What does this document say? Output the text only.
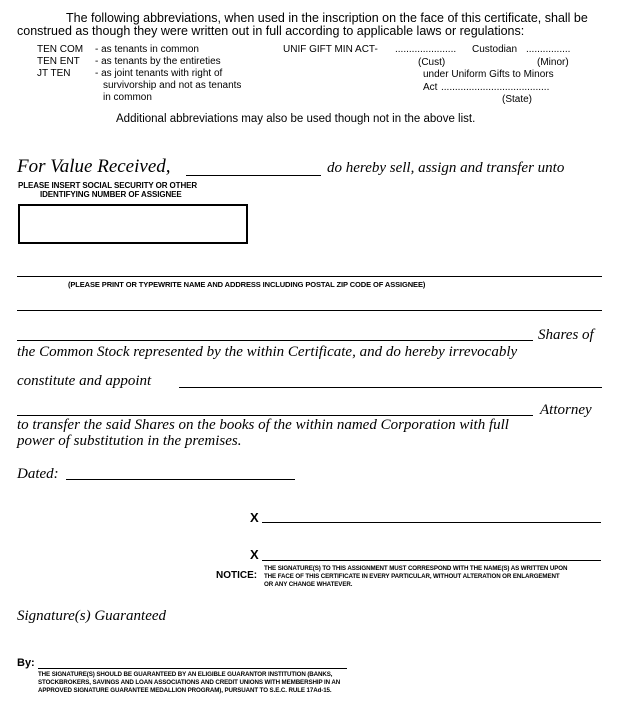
The following abbreviations, when used in the inscription on the face of this certificate, shall be
construed as though they were written out in full according to applicable laws or regulations:
TEN COM - as tenants in common
TEN ENT - as tenants by the entireties
JT TEN - as joint tenants with right of
survivorship and not as tenants
in common
UNIF GIFT MIN ACT- ...................... Custodian ................
(Cust)	(Minor)
under Uniform Gifts to Minors
Act .......................................
(State)
Additional abbreviations may also be used though not in the above list.
For Value Received,	do hereby sell, assign and transfer unto
PLEASE INSERT SOCIAL SECURITY OR OTHER
IDENTIFYING NUMBER OF ASSIGNEE
(PLEASE PRINT OR TYPEWRITE NAME AND ADDRESS INCLUDING POSTAL ZIP CODE OF ASSIGNEE)
Shares of
the Common Stock represented by the within Certificate, and do hereby irrevocably
constitute and appoint
Attorney
to transfer the said Shares on the books of the within named Corporation with full
power of substitution in the premises.
Dated:
X
X
NOTICE:
THE SIGNATURE(S) TO THIS ASSIGNMENT MUST CORRESPOND WITH THE NAME(S) AS WRITTEN UPON
THE FACE OF THIS CERTIFICATE IN EVERY PARTICULAR, WITHOUT ALTERATION OR ENLARGEMENT
OR ANY CHANGE WHATEVER.
Signature(s) Guaranteed
By:
THE SIGNATURE(S) SHOULD BE GUARANTEED BY AN ELIGIBLE GUARANTOR INSTITUTION (BANKS,
STOCKBROKERS, SAVINGS AND LOAN ASSOCIATIONS AND CREDIT UNIONS WITH MEMBERSHIP IN AN
APPROVED SIGNATURE GUARANTEE MEDALLION PROGRAM), PURSUANT TO S.E.C. RULE 17Ad-15.
